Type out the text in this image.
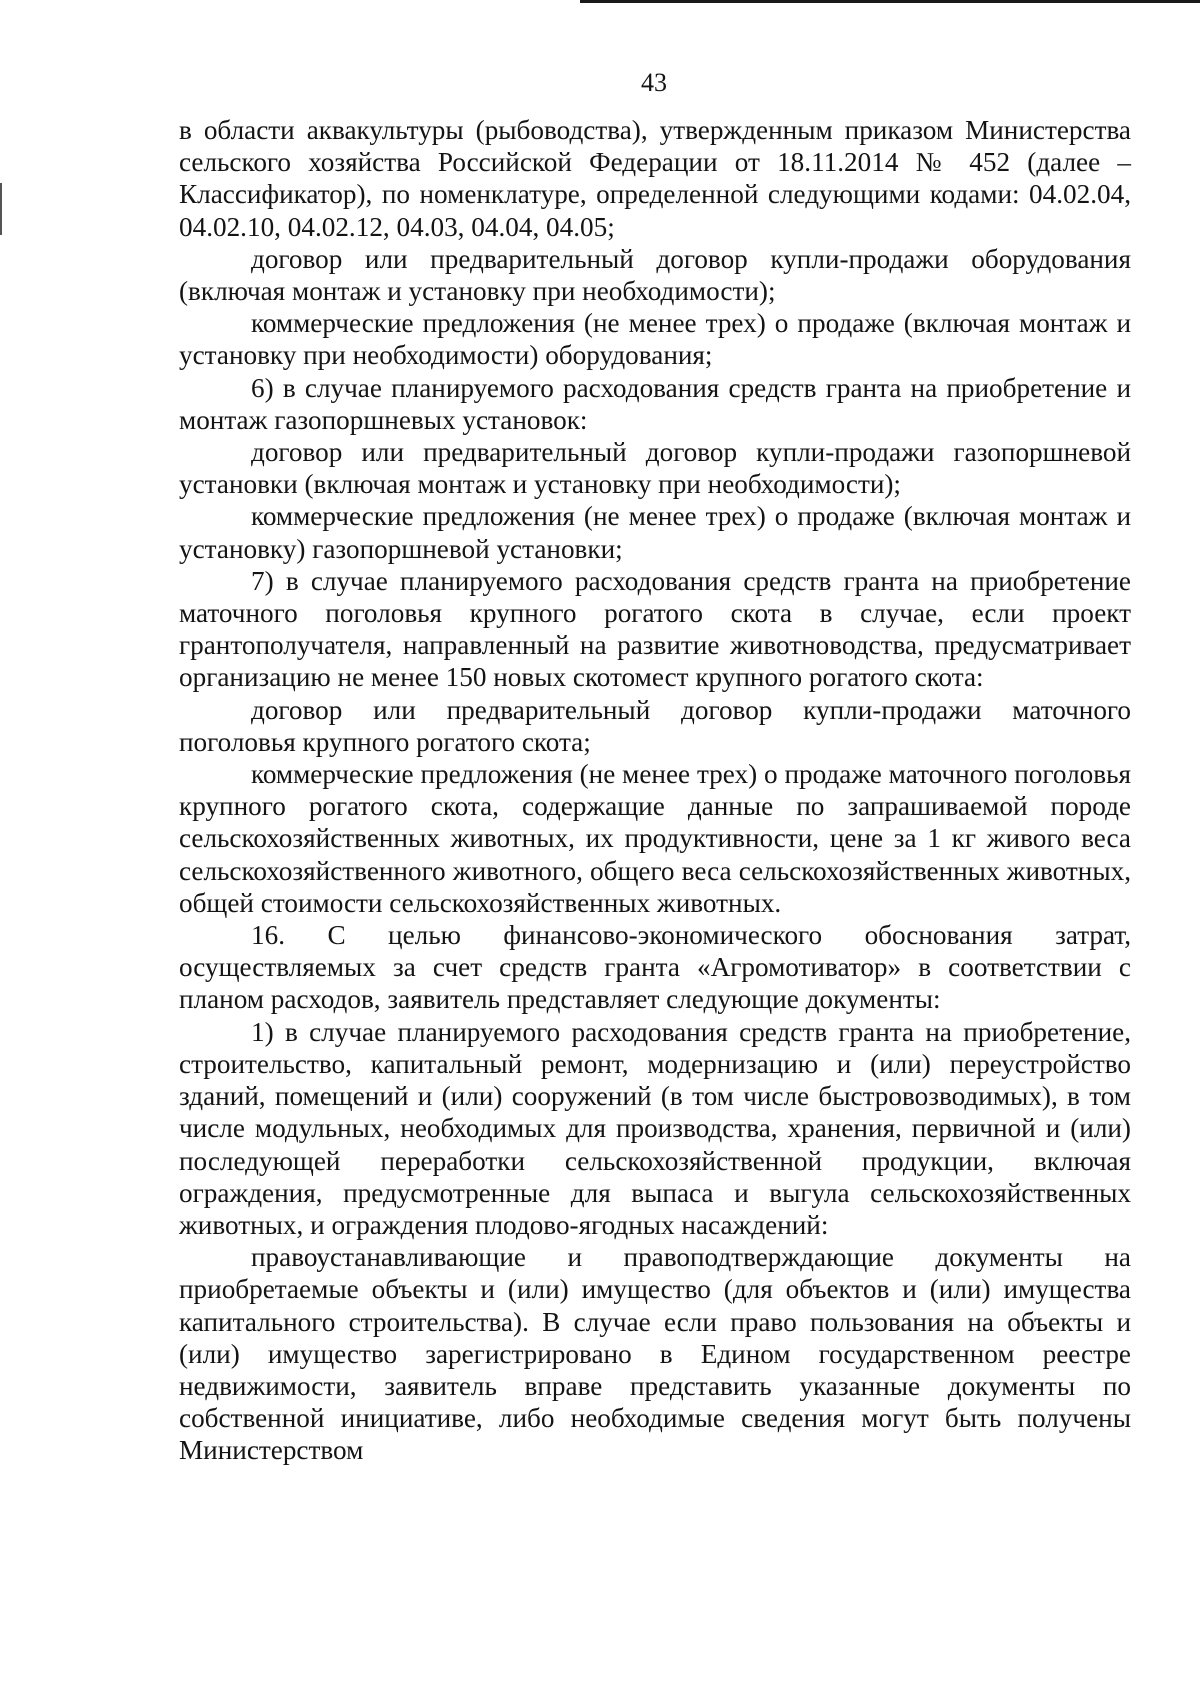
43

в области аквакультуры (рыбоводства), утвержденным приказом Министерства сельского хозяйства Российской Федерации от 18.11.2014 № 452 (далее – Классификатор), по номенклатуре, определенной следующими кодами: 04.02.04, 04.02.10, 04.02.12, 04.03, 04.04, 04.05;

договор или предварительный договор купли-продажи оборудования (включая монтаж и установку при необходимости);

коммерческие предложения (не менее трех) о продаже (включая монтаж и установку при необходимости) оборудования;

6) в случае планируемого расходования средств гранта на приобретение и монтаж газопоршневых установок:

договор или предварительный договор купли-продажи газопоршневой установки (включая монтаж и установку при необходимости);

коммерческие предложения (не менее трех) о продаже (включая монтаж и установку) газопоршневой установки;

7) в случае планируемого расходования средств гранта на приобретение маточного поголовья крупного рогатого скота в случае, если проект грантополучателя, направленный на развитие животноводства, предусматривает организацию не менее 150 новых скотомест крупного рогатого скота:

договор или предварительный договор купли-продажи маточного поголовья крупного рогатого скота;

коммерческие предложения (не менее трех) о продаже маточного поголовья крупного рогатого скота, содержащие данные по запрашиваемой породе сельскохозяйственных животных, их продуктивности, цене за 1 кг живого веса сельскохозяйственного животного, общего веса сельскохозяйственных животных, общей стоимости сельскохозяйственных животных.

16. С целью финансово-экономического обоснования затрат, осуществляемых за счет средств гранта «Агромотиватор» в соответствии с планом расходов, заявитель представляет следующие документы:

1) в случае планируемого расходования средств гранта на приобретение, строительство, капитальный ремонт, модернизацию и (или) переустройство зданий, помещений и (или) сооружений (в том числе быстровозводимых), в том числе модульных, необходимых для производства, хранения, первичной и (или) последующей переработки сельскохозяйственной продукции, включая ограждения, предусмотренные для выпаса и выгула сельскохозяйственных животных, и ограждения плодово-ягодных насаждений:

правоустанавливающие и правоподтверждающие документы на приобретаемые объекты и (или) имущество (для объектов и (или) имущества капитального строительства). В случае если право пользования на объекты и (или) имущество зарегистрировано в Едином государственном реестре недвижимости, заявитель вправе представить указанные документы по собственной инициативе, либо необходимые сведения могут быть получены Министерством
